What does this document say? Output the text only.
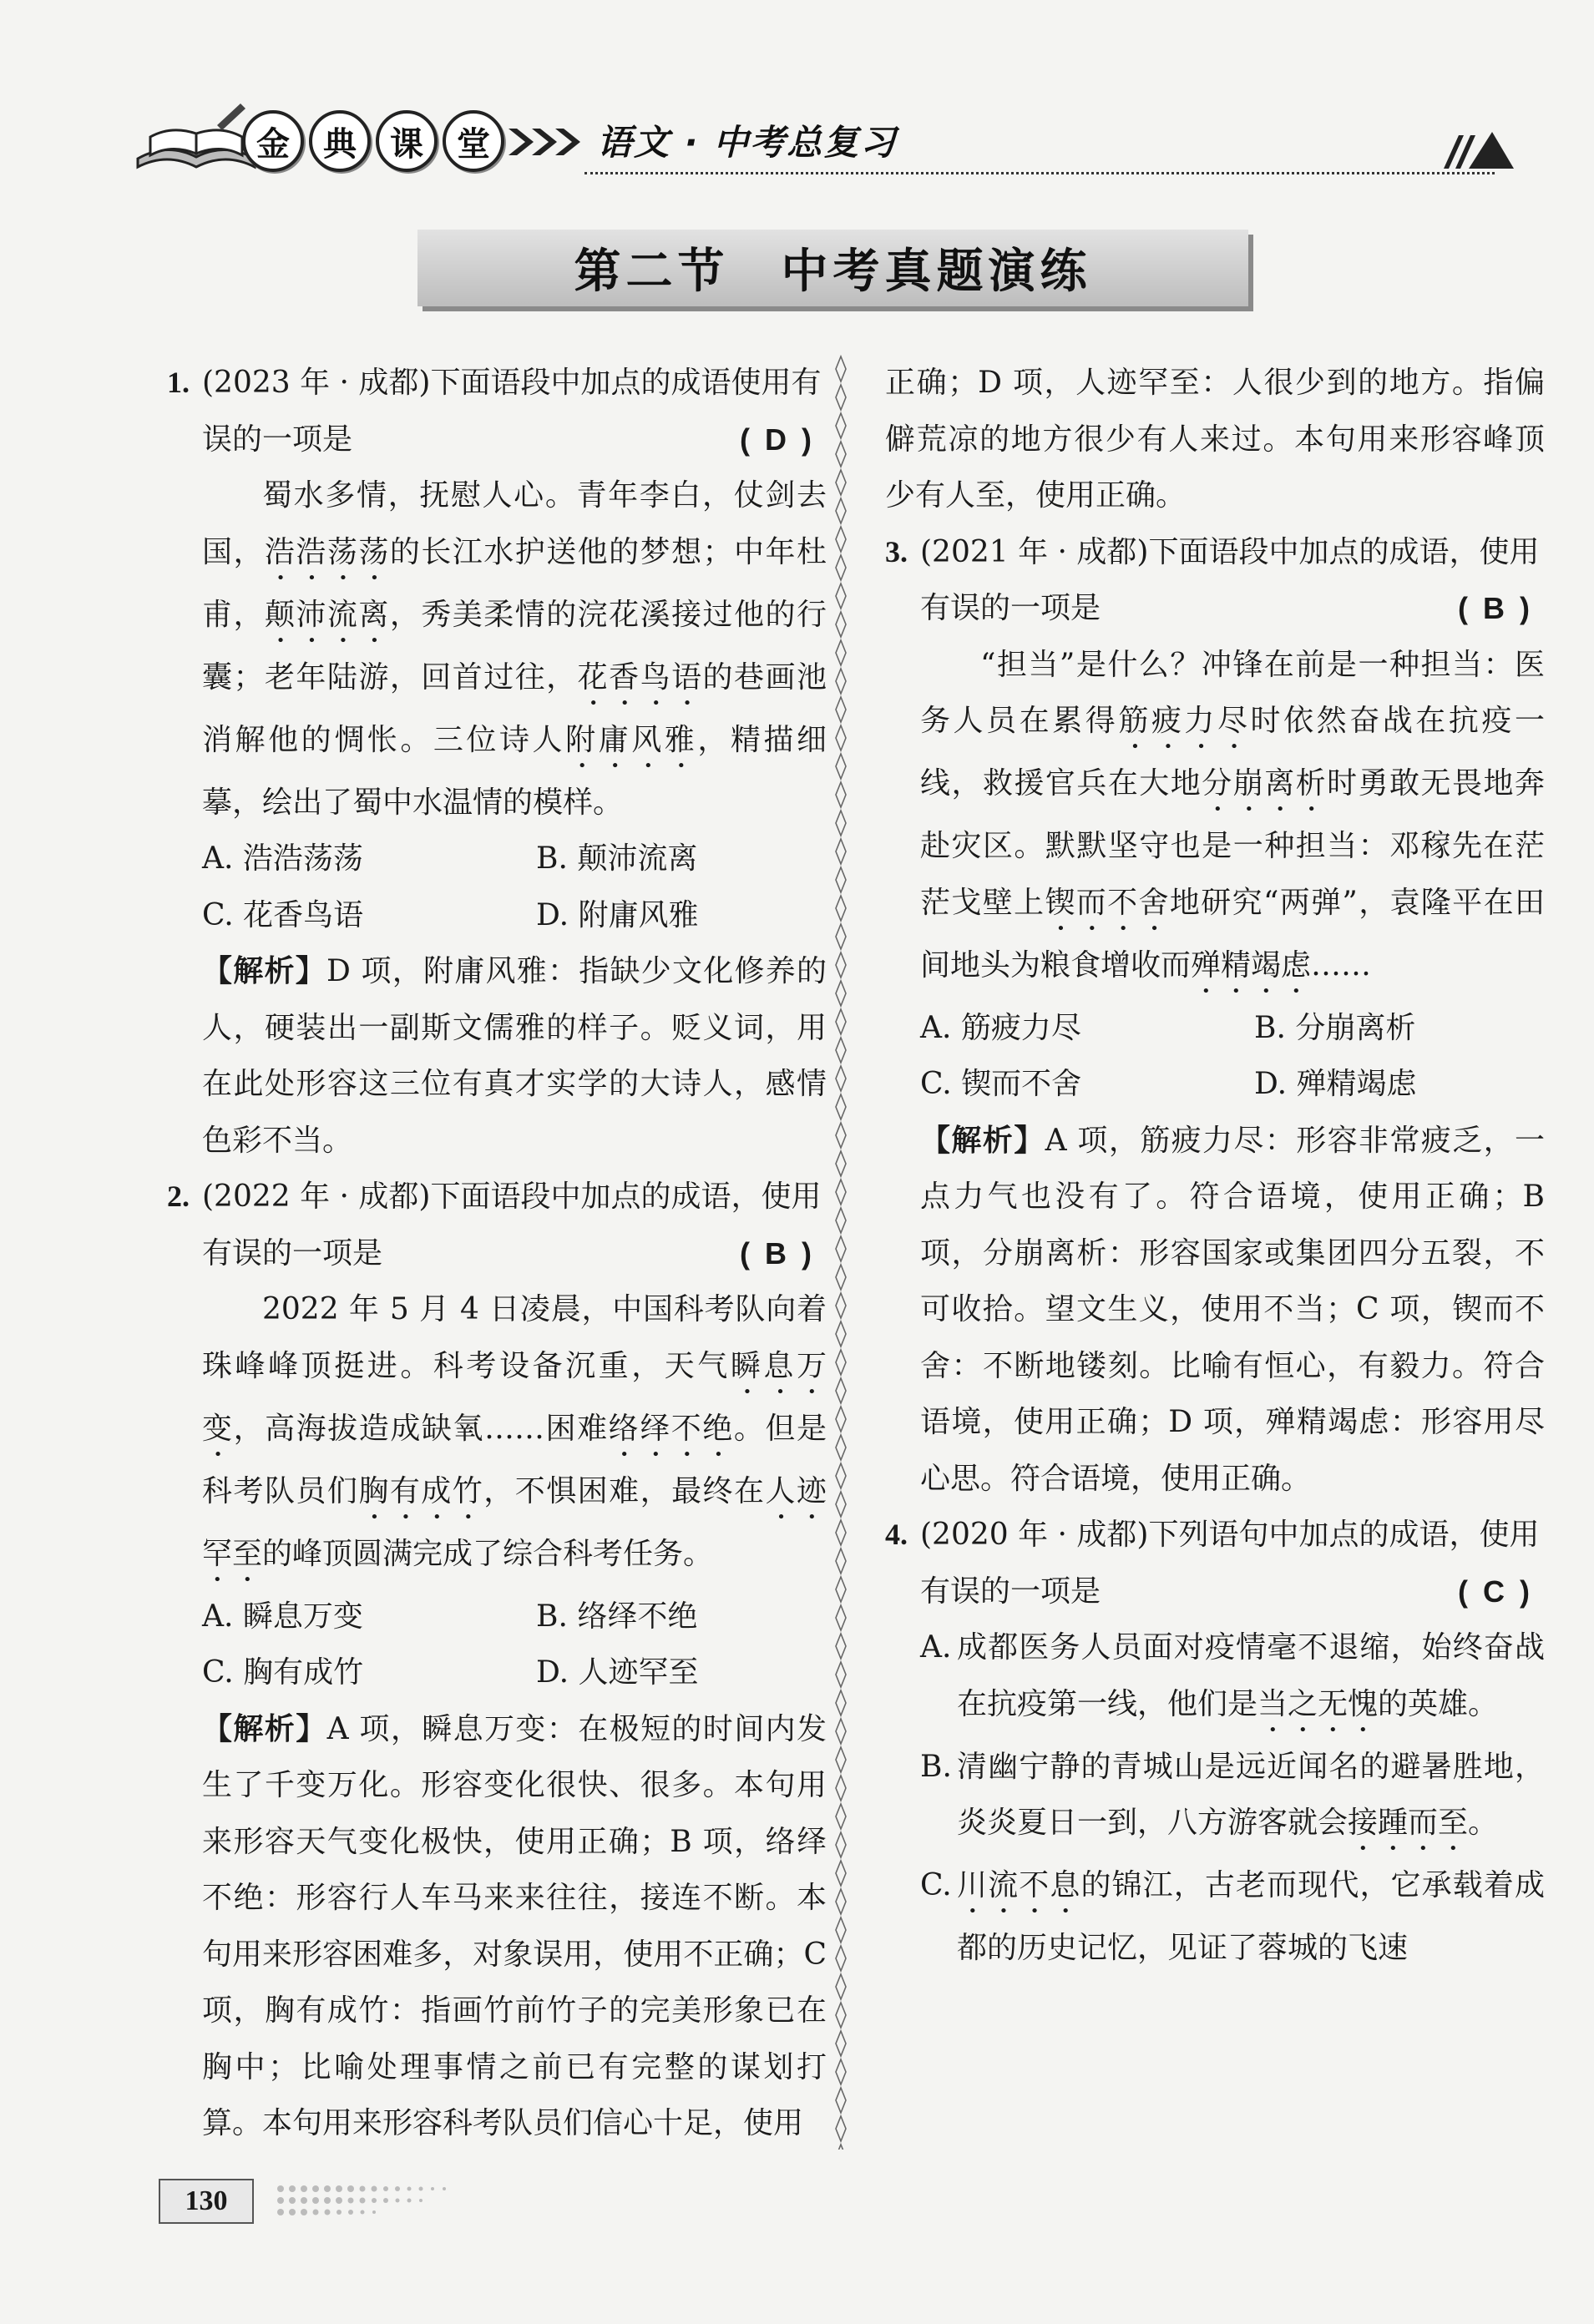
金	典	课	堂	语文 · 中考总复习
第二节　中考真题演练
1. (2023 年 · 成都)下面语段中加点的成语使用有误的一项是	(D)
蜀水多情，抚慰人心。青年李白，仗剑去国，浩浩荡荡的长江水护送他的梦想；中年杜甫，颠沛流离，秀美柔情的浣花溪接过他的行囊；老年陆游，回首过往，花香鸟语的巷画池消解他的惆怅。三位诗人附庸风雅，精描细摹，绘出了蜀中水温情的模样。
A. 浩浩荡荡	B. 颠沛流离
C. 花香鸟语	D. 附庸风雅
【解析】D 项，附庸风雅：指缺少文化修养的人，硬装出一副斯文儒雅的样子。贬义词，用在此处形容这三位有真才实学的大诗人，感情色彩不当。
2. (2022 年 · 成都)下面语段中加点的成语，使用有误的一项是	(B)
2022 年 5 月 4 日凌晨，中国科考队向着珠峰峰顶挺进。科考设备沉重，天气瞬息万变，高海拔造成缺氧……困难络绎不绝。但是科考队员们胸有成竹，不惧困难，最终在人迹罕至的峰顶圆满完成了综合科考任务。
A. 瞬息万变	B. 络绎不绝
C. 胸有成竹	D. 人迹罕至
【解析】A 项，瞬息万变：在极短的时间内发生了千变万化。形容变化很快、很多。本句用来形容天气变化极快，使用正确；B 项，络绎不绝：形容行人车马来来往往，接连不断。本句用来形容困难多，对象误用，使用不正确；C 项，胸有成竹：指画竹前竹子的完美形象已在胸中；比喻处理事情之前已有完整的谋划打算。本句用来形容科考队员们信心十足，使用
正确；D 项，人迹罕至：人很少到的地方。指偏僻荒凉的地方很少有人来过。本句用来形容峰顶少有人至，使用正确。
3. (2021 年 · 成都)下面语段中加点的成语，使用有误的一项是	(B)
“担当”是什么？冲锋在前是一种担当：医务人员在累得筋疲力尽时依然奋战在抗疫一线，救援官兵在大地分崩离析时勇敢无畏地奔赴灾区。默默坚守也是一种担当：邓稼先在茫茫戈壁上锲而不舍地研究“两弹”，袁隆平在田间地头为粮食增收而殚精竭虑……
A. 筋疲力尽	B. 分崩离析
C. 锲而不舍	D. 殚精竭虑
【解析】A 项，筋疲力尽：形容非常疲乏，一点力气也没有了。符合语境，使用正确；B 项，分崩离析：形容国家或集团四分五裂，不可收拾。望文生义，使用不当；C 项，锲而不舍：不断地镂刻。比喻有恒心，有毅力。符合语境，使用正确；D 项，殚精竭虑：形容用尽心思。符合语境，使用正确。
4. (2020 年 · 成都)下列语句中加点的成语，使用有误的一项是	(C)
A. 成都医务人员面对疫情毫不退缩，始终奋战在抗疫第一线，他们是当之无愧的英雄。
B. 清幽宁静的青城山是远近闻名的避暑胜地，炎炎夏日一到，八方游客就会接踵而至。
C. 川流不息的锦江，古老而现代，它承载着成都的历史记忆，见证了蓉城的飞速
130
